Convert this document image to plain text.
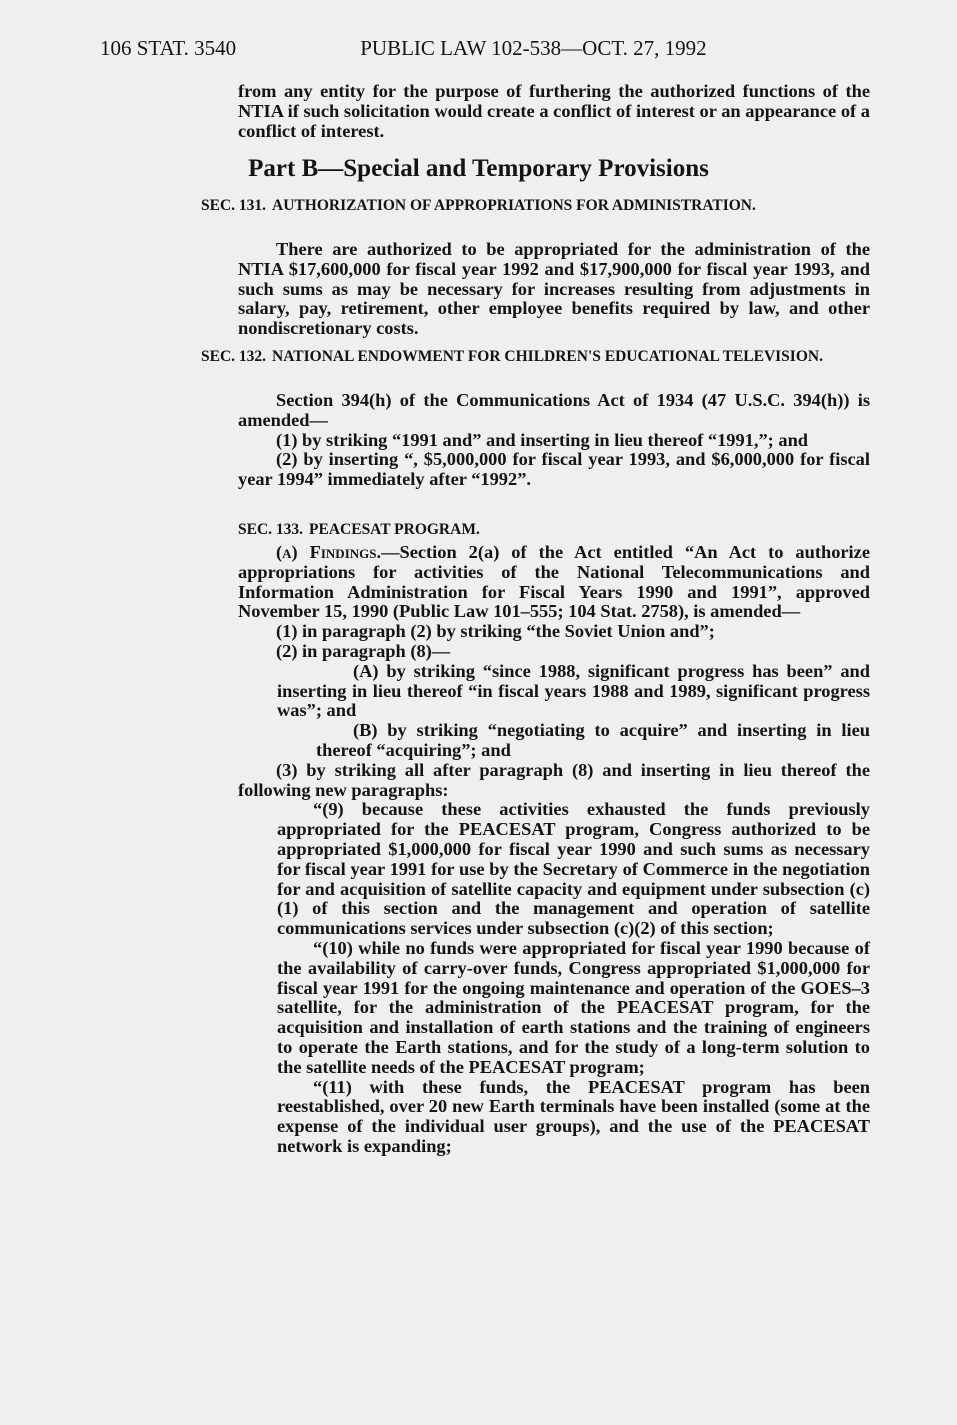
106 STAT. 3540	PUBLIC LAW 102-538—OCT. 27, 1992

from any entity for the purpose of furthering the authorized functions of the NTIA if such solicitation would create a conflict of interest or an appearance of a conflict of interest.

Part B—Special and Temporary Provisions
SEC. 131. AUTHORIZATION OF APPROPRIATIONS FOR ADMINISTRATION.

There are authorized to be appropriated for the administration of the NTIA $17,600,000 for fiscal year 1992 and $17,900,000 for fiscal year 1993, and such sums as may be necessary for increases resulting from adjustments in salary, pay, retirement, other employee benefits required by law, and other nondiscretionary costs.

SEC. 132. NATIONAL ENDOWMENT FOR CHILDREN'S EDUCATIONAL TELEVISION.

Section 394(h) of the Communications Act of 1934 (47 U.S.C. 394(h)) is amended—

(1) by striking “1991 and” and inserting in lieu thereof “1991,”; and

(2) by inserting “, $5,000,000 for fiscal year 1993, and $6,000,000 for fiscal year 1994” immediately after “1992”.

SEC. 133. PEACESAT PROGRAM.

(a) Findings.—Section 2(a) of the Act entitled “An Act to authorize appropriations for activities of the National Telecommunications and Information Administration for Fiscal Years 1990 and 1991”, approved November 15, 1990 (Public Law 101–555; 104 Stat. 2758), is amended—

(1) in paragraph (2) by striking “the Soviet Union and”;

(2) in paragraph (8)—

(A) by striking “since 1988, significant progress has been” and inserting in lieu thereof “in fiscal years 1988 and 1989, significant progress was”; and

(B) by striking “negotiating to acquire” and inserting in lieu thereof “acquiring”; and

(3) by striking all after paragraph (8) and inserting in lieu thereof the following new paragraphs:

“(9) because these activities exhausted the funds previously appropriated for the PEACESAT program, Congress authorized to be appropriated $1,000,000 for fiscal year 1990 and such sums as necessary for fiscal year 1991 for use by the Secretary of Commerce in the negotiation for and acquisition of satellite capacity and equipment under subsection (c)(1) of this section and the management and operation of satellite communications services under subsection (c)(2) of this section;

“(10) while no funds were appropriated for fiscal year 1990 because of the availability of carry-over funds, Congress appropriated $1,000,000 for fiscal year 1991 for the ongoing maintenance and operation of the GOES–3 satellite, for the administration of the PEACESAT program, for the acquisition and installation of earth stations and the training of engineers to operate the Earth stations, and for the study of a long-term solution to the satellite needs of the PEACESAT program;

“(11) with these funds, the PEACESAT program has been reestablished, over 20 new Earth terminals have been installed (some at the expense of the individual user groups), and the use of the PEACESAT network is expanding;
